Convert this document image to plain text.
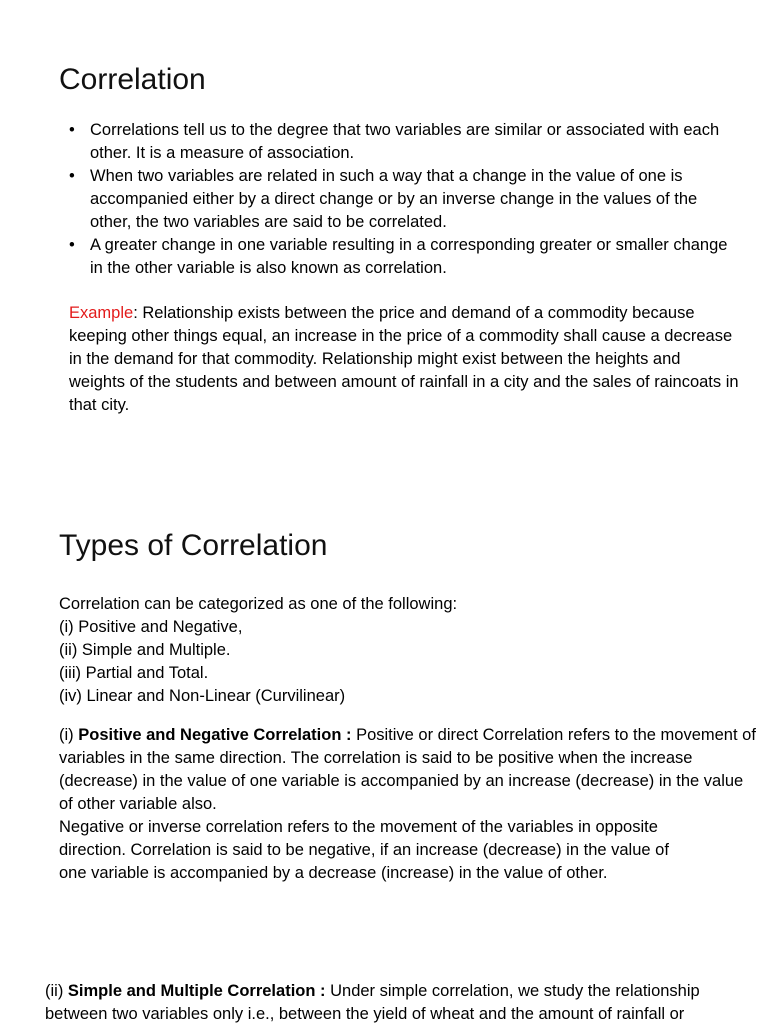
Correlation
• Correlations tell us to the degree that two variables are similar or associated with each other. It is a measure of association.
• When two variables are related in such a way that a change in the value of one is accompanied either by a direct change or by an inverse change in the values of the other, the two variables are said to be correlated.
• A greater change in one variable resulting in a corresponding greater or smaller change in the other variable is also known as correlation.

Example: Relationship exists between the price and demand of a commodity because keeping other things equal, an increase in the price of a commodity shall cause a decrease in the demand for that commodity. Relationship might exist between the heights and weights of the students and between amount of rainfall in a city and the sales of raincoats in that city.

Types of Correlation

Correlation can be categorized as one of the following:

(i) Positive and Negative,
(ii) Simple and Multiple.
(iii) Partial and Total.
(iv) Linear and Non-Linear (Curvilinear)

(i) Positive and Negative Correlation : Positive or direct Correlation refers to the movement of variables in the same direction. The correlation is said to be positive when the increase (decrease) in the value of one variable is accompanied by an increase (decrease) in the value of other variable also.

Negative or inverse correlation refers to the movement of the variables in opposite direction. Correlation is said to be negative, if an increase (decrease) in the value of one variable is accompanied by a decrease (increase) in the value of other.

(ii) Simple and Multiple Correlation : Under simple correlation, we study the relationship between two variables only i.e., between the yield of wheat and the amount of rainfall or
